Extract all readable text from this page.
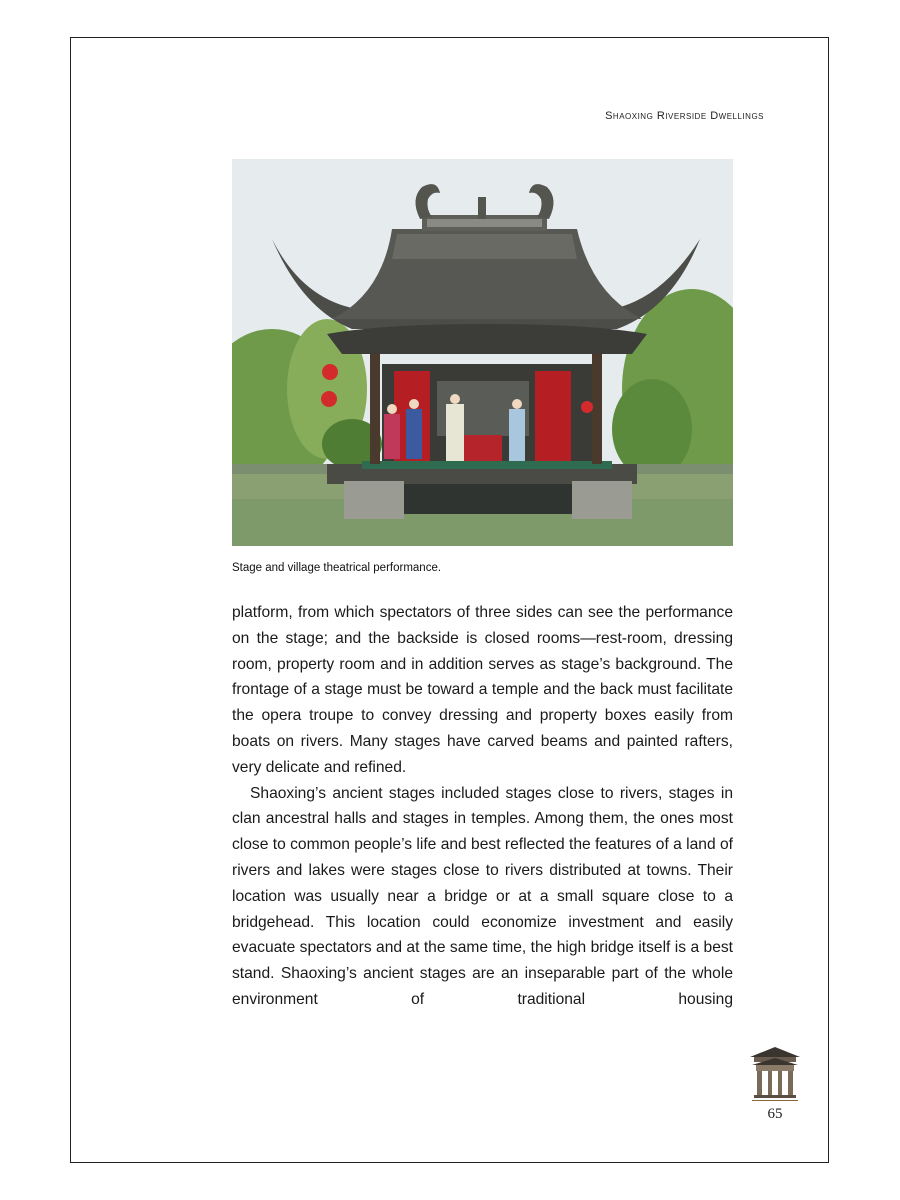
Shaoxing Riverside Dwellings
Stage and village theatrical performance.

platform, from which spectators of three sides can see the performance on the stage; and the backside is closed rooms—rest-room, dressing room, property room and in addition serves as stage’s background. The frontage of a stage must be toward a temple and the back must facilitate the opera troupe to convey dressing and property boxes easily from boats on rivers. Many stages have carved beams and painted rafters, very delicate and refined.

Shaoxing’s ancient stages included stages close to rivers, stages in clan ancestral halls and stages in temples. Among them, the ones most close to common people’s life and best reflected the features of a land of rivers and lakes were stages close to rivers distributed at towns. Their location was usually near a bridge or at a small square close to a bridgehead. This location could economize investment and easily evacuate spectators and at the same time, the high bridge itself is a best stand. Shaoxing’s ancient stages are an inseparable part of the whole environment of traditional housing

65
